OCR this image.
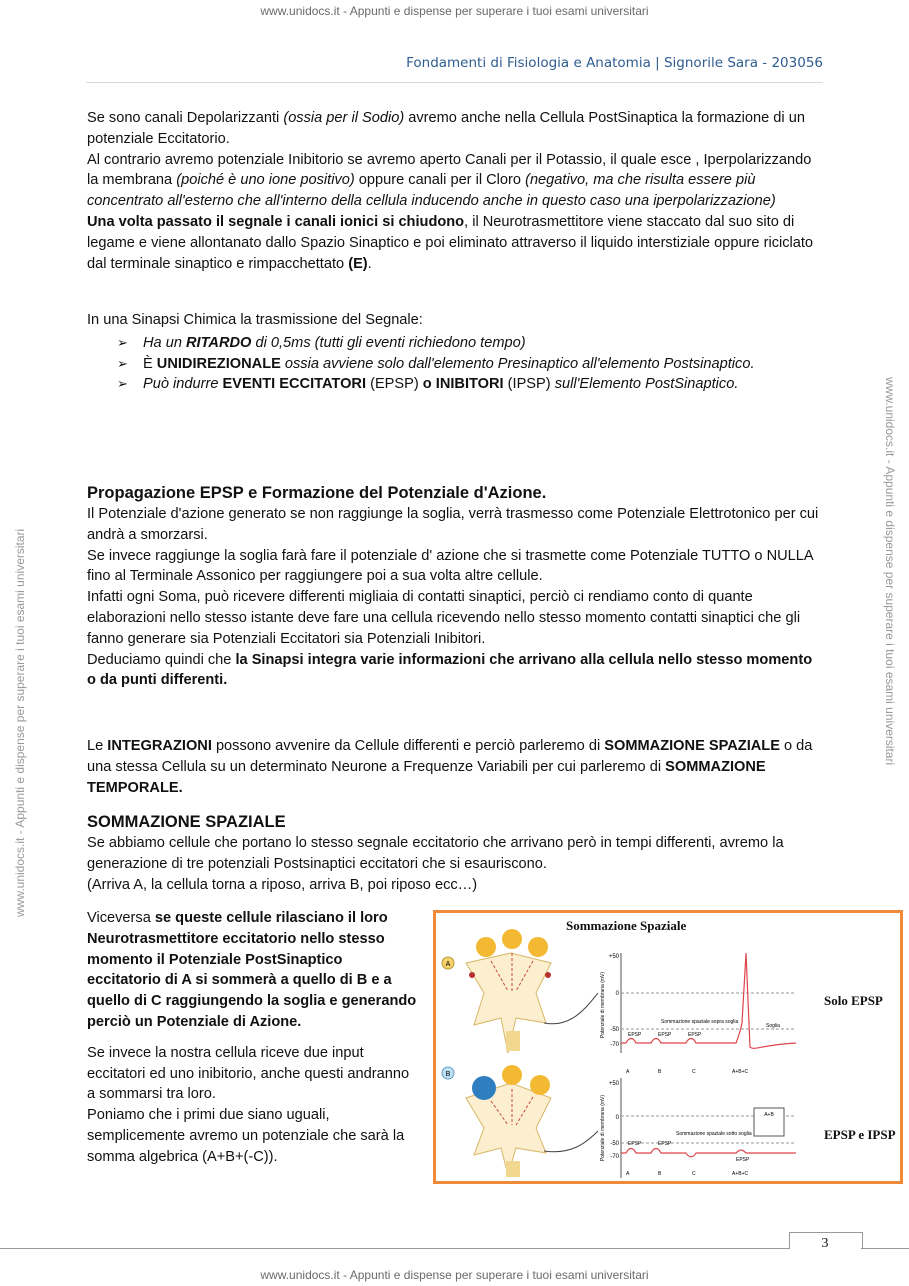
www.unidocs.it - Appunti e dispense per superare i tuoi esami universitari
www.unidocs.it - Appunti e dispense per superare i tuoi esami universitari
www.unidocs.it - Appunti e dispense per superare i tuoi esami universitari	www.unidocs.it - Appunti e dispense per superare i tuoi esami universitari
Fondamenti di Fisiologia e Anatomia | Signorile Sara - 203056

Se sono canali Depolarizzanti (ossia per il Sodio) avremo anche nella Cellula PostSinaptica la formazione di un potenziale Eccitatorio.

Al contrario avremo potenziale Inibitorio se avremo aperto Canali per il Potassio, il quale esce , Iperpolarizzando la membrana (poiché è uno ione positivo) oppure canali per il Cloro (negativo, ma che risulta essere più concentrato all'esterno che all'interno della cellula inducendo anche in questo caso una iperpolarizzazione)

Una volta passato il segnale i canali ionici si chiudono, il Neurotrasmettitore viene staccato dal suo sito di legame e viene allontanato dallo Spazio Sinaptico e poi eliminato attraverso il liquido interstiziale oppure riciclato dal terminale sinaptico e rimpacchettato (E).

In una Sinapsi Chimica la trasmissione del Segnale:

➢ Ha un RITARDO di 0,5ms (tutti gli eventi richiedono tempo)
➢ È UNIDIREZIONALE ossia avviene solo dall'elemento Presinaptico all'elemento Postsinaptico.
➢ Può indurre EVENTI ECCITATORI (EPSP) o INIBITORI (IPSP) sull'Elemento PostSinaptico.

Propagazione EPSP e Formazione del Potenziale d'Azione.

Il Potenziale d'azione generato se non raggiunge la soglia, verrà trasmesso come Potenziale Elettrotonico per cui andrà a smorzarsi.

Se invece raggiunge la soglia farà fare il potenziale d' azione che si trasmette come Potenziale TUTTO o NULLA fino al Terminale Assonico per raggiungere poi a sua volta altre cellule.

Infatti ogni Soma, può ricevere differenti migliaia di contatti sinaptici, perciò ci rendiamo conto di quante elaborazioni nello stesso istante deve fare una cellula ricevendo nello stesso momento contatti sinaptici che gli fanno generare sia Potenziali Eccitatori sia Potenziali Inibitori.

Deduciamo quindi che la Sinapsi integra varie informazioni che arrivano alla cellula nello stesso momento o da punti differenti.

Le INTEGRAZIONI possono avvenire da Cellule differenti e perciò parleremo di SOMMAZIONE SPAZIALE o da una stessa Cellula su un determinato Neurone a Frequenze Variabili per cui parleremo di SOMMAZIONE TEMPORALE.

SOMMAZIONE SPAZIALE

Se abbiamo cellule che portano lo stesso segnale eccitatorio che arrivano però in tempi differenti, avremo la generazione di tre potenziali Postsinaptici eccitatori che si esauriscono.

(Arriva A, la cellula torna a riposo, arriva B, poi riposo ecc…)

Viceversa se queste cellule rilasciano il loro Neurotrasmettitore eccitatorio nello stesso momento il Potenziale PostSinaptico eccitatorio di A si sommerà a quello di B e a quello di C raggiungendo la soglia e generando perciò un Potenziale di Azione.

Se invece la nostra cellula riceve due input eccitatori ed uno inibitorio, anche questi andranno a sommarsi tra loro.

Poniamo che i primi due siano uguali, semplicemente avremo un potenziale che sarà la somma algebrica (A+B+(-C)).

Sommazione Spaziale
Solo EPSP
EPSP e IPSP
A
B
Potenziale di membrana (mV)
+50
0
-50
-70
EPSP	EPSP	EPSP
Sommazione spaziale sopra soglia
Soglia
A	B	C	A+B+C
Potenziale di membrana (mV)
+50
0
-50
-70
EPSP	EPSP
EPSP
Sommazione spaziale sotto soglia
A+B
A	B	C	A+B+C
3
